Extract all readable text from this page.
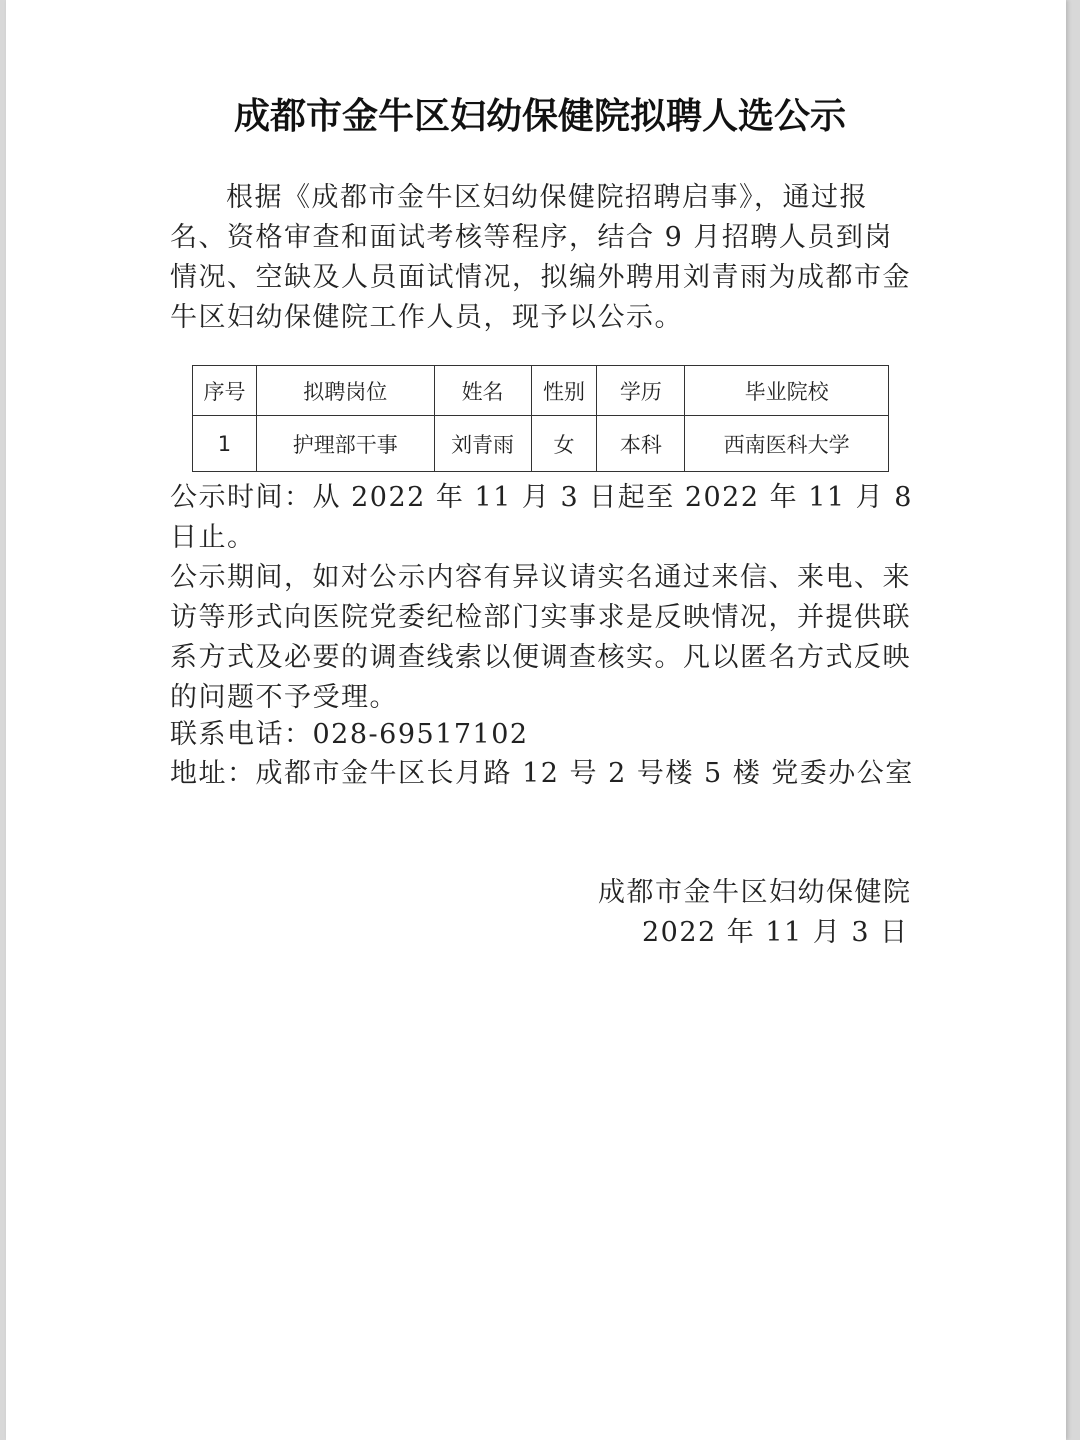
成都市金牛区妇幼保健院拟聘人选公示
根据《成都市金牛区妇幼保健院招聘启事》，通过报名、资格审查和面试考核等程序，结合 9 月招聘人员到岗情况、空缺及人员面试情况，拟编外聘用刘青雨为成都市金牛区妇幼保健院工作人员，现予以公示。
序号	拟聘岗位	姓名	性别	学历	毕业院校
1	护理部干事	刘青雨	女	本科	西南医科大学
公示时间：从 2022 年 11 月 3 日起至 2022 年 11 月 8 日止。
公示期间，如对公示内容有异议请实名通过来信、来电、来访等形式向医院党委纪检部门实事求是反映情况，并提供联系方式及必要的调查线索以便调查核实。凡以匿名方式反映的问题不予受理。
联系电话：028-69517102
地址：成都市金牛区长月路 12 号 2 号楼 5 楼 党委办公室
成都市金牛区妇幼保健院
2022 年 11 月 3 日
